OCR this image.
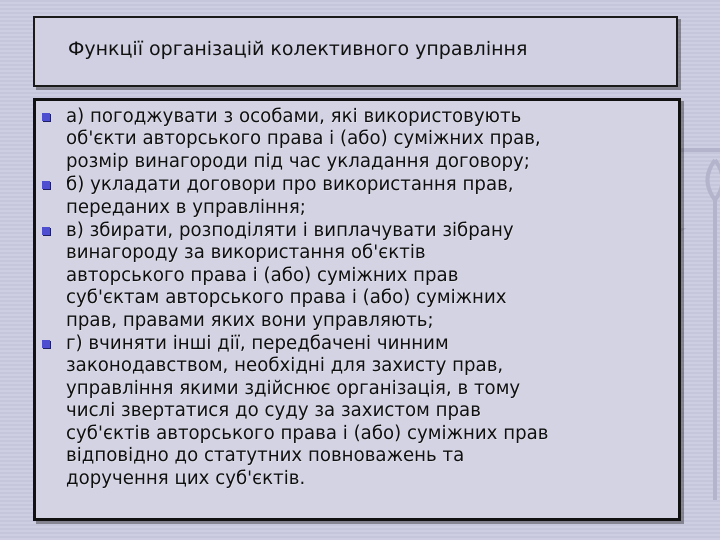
Функції організацій колективного управління
а) погоджувати з особами, які використовують
об'єкти авторського права і (або) суміжних прав,
розмір винагороди під час укладання договору;
б) укладати договори про використання прав,
переданих в управління;
в) збирати, розподіляти і виплачувати зібрану
винагороду за використання об'єктів
авторського права і (або) суміжних прав
суб'єктам авторського права і (або) суміжних
прав, правами яких вони управляють;
г) вчиняти інші дії, передбачені чинним
законодавством, необхідні для захисту прав,
управління якими здійснює організація, в тому
числі звертатися до суду за захистом прав
суб'єктів авторського права і (або) суміжних прав
відповідно до статутних повноважень та
доручення цих суб'єктів.
